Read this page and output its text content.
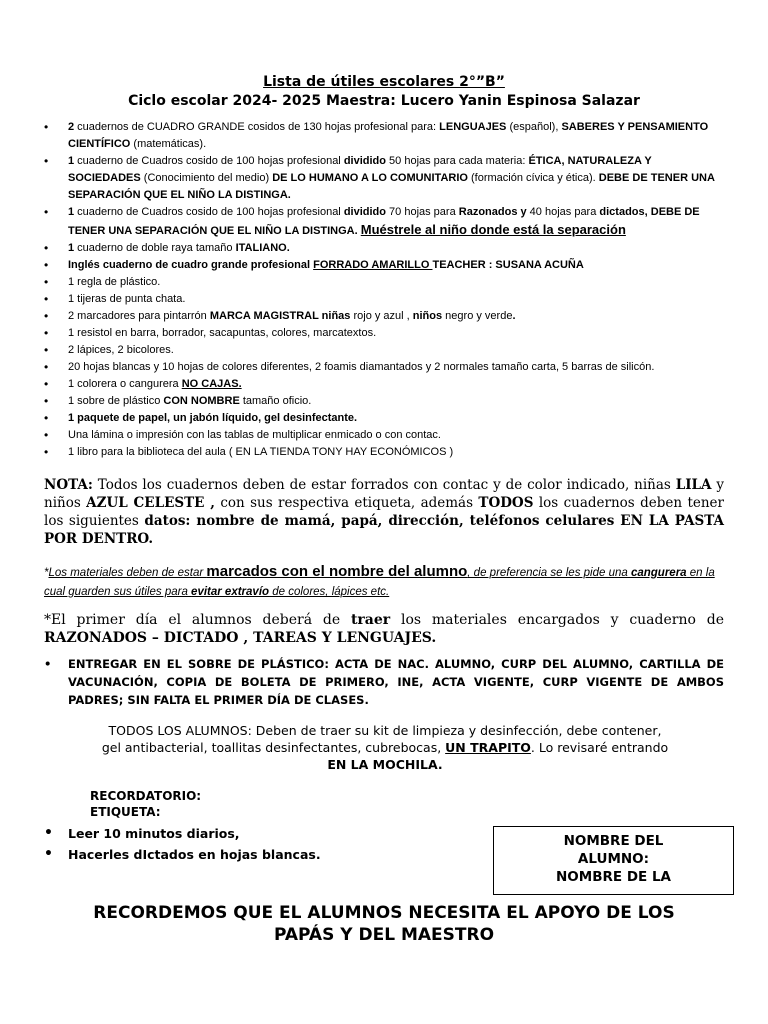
Lista de útiles escolares 2°”B”
Ciclo escolar 2024- 2025 Maestra: Lucero Yanin Espinosa Salazar
• 2 cuadernos de CUADRO GRANDE cosidos de 130 hojas profesional para: LENGUAJES (español), SABERES Y PENSAMIENTO CIENTÍFICO (matemáticas).
• 1 cuaderno de Cuadros cosido de 100 hojas profesional dividido 50 hojas para cada materia: ÉTICA, NATURALEZA Y SOCIEDADES (Conocimiento del medio) DE LO HUMANO A LO COMUNITARIO (formación cívica y ética). DEBE DE TENER UNA SEPARACIÓN QUE EL NIÑO LA DISTINGA.
• 1 cuaderno de Cuadros cosido de 100 hojas profesional dividido 70 hojas para Razonados y 40 hojas para dictados, DEBE DE TENER UNA SEPARACIÓN QUE EL NIÑO LA DISTINGA. Muéstrele al niño donde está la separación
• 1 cuaderno de doble raya tamaño ITALIANO.
• Inglés cuaderno de cuadro grande profesional FORRADO AMARILLO TEACHER : SUSANA ACUÑA
• 1 regla de plástico.
• 1 tijeras de punta chata.
• 2 marcadores para pintarrón MARCA MAGISTRAL niñas rojo y azul , niños negro y verde.
• 1 resistol en barra, borrador, sacapuntas, colores, marcatextos.
• 2 lápices, 2 bicolores.
• 20 hojas blancas y 10 hojas de colores diferentes, 2 foamis diamantados y 2 normales tamaño carta, 5 barras de silicón.
• 1 colorera o cangurera NO CAJAS.
• 1 sobre de plástico CON NOMBRE tamaño oficio.
• 1 paquete de papel, un jabón líquido, gel desinfectante.
• Una lámina o impresión con las tablas de multiplicar enmicado o con contac.
• 1 libro para la biblioteca del aula ( EN LA TIENDA TONY HAY ECONÓMICOS )
NOTA: Todos los cuadernos deben de estar forrados con contac y de color indicado, niñas LILA y niños AZUL CELESTE , con sus respectiva etiqueta, además TODOS los cuadernos deben tener los siguientes datos: nombre de mamá, papá, dirección, teléfonos celulares EN LA PASTA POR DENTRO.
*Los materiales deben de estar marcados con el nombre del alumno, de preferencia se les pide una cangurera en la cual guarden sus útiles para evitar extravío de colores, lápices etc.
*El primer día el alumnos deberá de traer los materiales encargados y cuaderno de RAZONADOS – DICTADO , TAREAS Y LENGUAJES.
• ENTREGAR EN EL SOBRE DE PLÁSTICO: ACTA DE NAC. ALUMNO, CURP DEL ALUMNO, CARTILLA DE VACUNACIÓN, COPIA DE BOLETA DE PRIMERO, INE, ACTA VIGENTE, CURP VIGENTE DE AMBOS PADRES; SIN FALTA EL PRIMER DÍA DE CLASES.
TODOS LOS ALUMNOS: Deben de traer su kit de limpieza y desinfección, debe contener, gel antibacterial, toallitas desinfectantes, cubrebocas, UN TRAPITO. Lo revisaré entrando EN LA MOCHILA.
RECORDATORIO:
ETIQUETA:
• Leer 10 minutos diarios,
• Hacerles dIctados en hojas blancas.
NOMBRE DEL
ALUMNO:
NOMBRE DE LA
RECORDEMOS QUE EL ALUMNOS NECESITA EL APOYO DE LOS PAPÁS Y DEL MAESTRO
